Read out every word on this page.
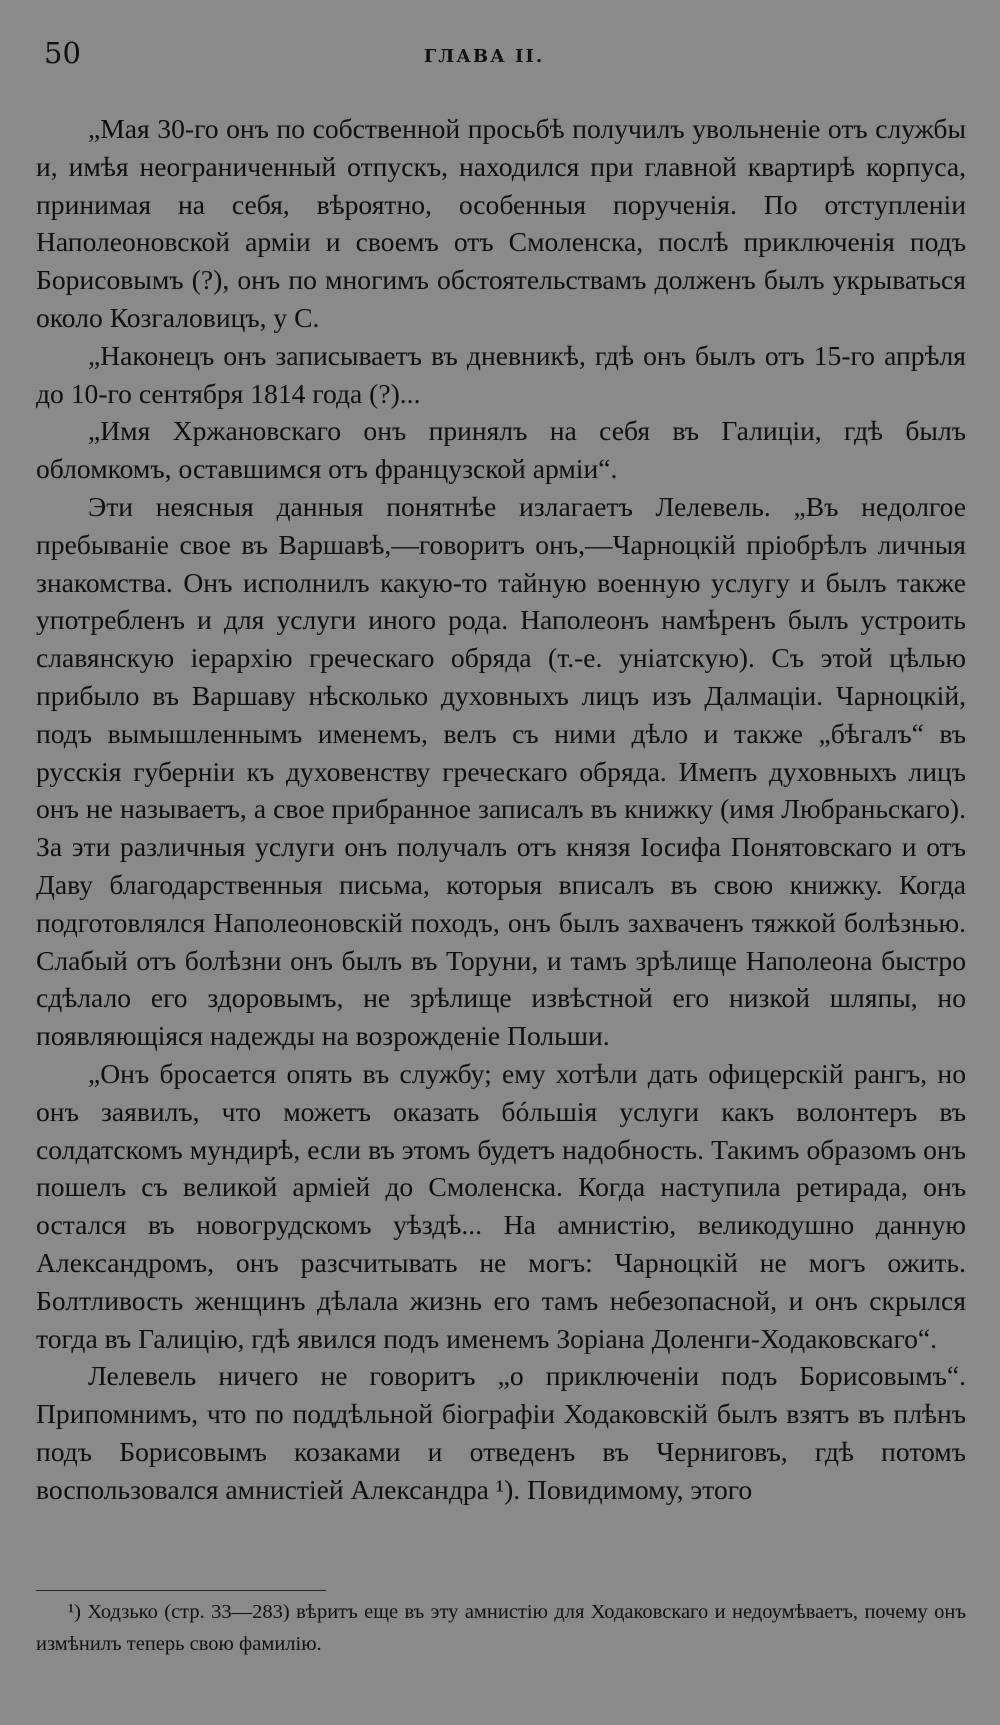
50	ГЛАВА II.

„Мая 30-го онъ по собственной просьбѣ получилъ увольненіе отъ службы и, имѣя неограниченный отпускъ, находился при главной квартирѣ корпуса, принимая на себя, вѣроятно, особенныя порученія. По отступленіи Наполеоновской арміи и своемъ отъ Смоленска, послѣ приключенія подъ Борисовымъ (?), онъ по многимъ обстоятельствамъ долженъ былъ укрываться около Козгаловицъ, у С.

„Наконецъ онъ записываетъ въ дневникѣ, гдѣ онъ былъ отъ 15-го апрѣля до 10-го сентября 1814 года (?)...

„Имя Хржановскаго онъ принялъ на себя въ Галиціи, гдѣ былъ обломкомъ, оставшимся отъ французской арміи“.

Эти неясныя данныя понятнѣе излагаетъ Лелевель. „Въ недолгое пребываніе свое въ Варшавѣ,—говоритъ онъ,—Чарноцкій пріобрѣлъ личныя знакомства. Онъ исполнилъ какую-то тайную военную услугу и былъ также употребленъ и для услуги иного рода. Наполеонъ намѣренъ былъ устроить славянскую іерархію греческаго обряда (т.-е. уніатскую). Съ этой цѣлью прибыло въ Варшаву нѣсколько духовныхъ лицъ изъ Далмаціи. Чарноцкій, подъ вымышленнымъ именемъ, велъ съ ними дѣло и также „бѣгалъ“ въ русскія губерніи къ духовенству греческаго обряда. Имепъ духовныхъ лицъ онъ не называетъ, а свое прибранное записалъ въ книжку (имя Любраньскаго). За эти различныя услуги онъ получалъ отъ князя Іосифа Понятовскаго и отъ Даву благодарственныя письма, которыя вписалъ въ свою книжку. Когда подготовлялся Наполеоновскій походъ, онъ былъ захваченъ тяжкой болѣзнью. Слабый отъ болѣзни онъ былъ въ Торуни, и тамъ зрѣлище Наполеона быстро сдѣлало его здоровымъ, не зрѣлище извѣстной его низкой шляпы, но появляющіяся надежды на возрожденіе Польши.

„Онъ бросается опять въ службу; ему хотѣли дать офицерскій рангъ, но онъ заявилъ, что можетъ оказать бóльшія услуги какъ волонтеръ въ солдатскомъ мундирѣ, если въ этомъ будетъ надобность. Такимъ образомъ онъ пошелъ съ великой арміей до Смоленска. Когда наступила ретирада, онъ остался въ новогрудскомъ уѣздѣ... На амнистію, великодушно данную Александромъ, онъ разсчитывать не могъ: Чарноцкій не могъ ожить. Болтливость женщинъ дѣлала жизнь его тамъ небезопасной, и онъ скрылся тогда въ Галицію, гдѣ явился подъ именемъ Зоріана Доленги-Ходаковскаго“.

Лелевель ничего не говоритъ „о приключеніи подъ Борисовымъ“. Припомнимъ, что по поддѣльной біографіи Ходаковскій былъ взятъ въ плѣнъ подъ Борисовымъ козаками и отведенъ въ Черниговъ, гдѣ потомъ воспользовался амнистіей Александра ¹). Повидимому, этого

¹) Ходзько (стр. 33—283) вѣритъ еще въ эту амнистію для Ходаковскаго и недоумѣваетъ, почему онъ измѣнилъ теперь свою фамилію.
